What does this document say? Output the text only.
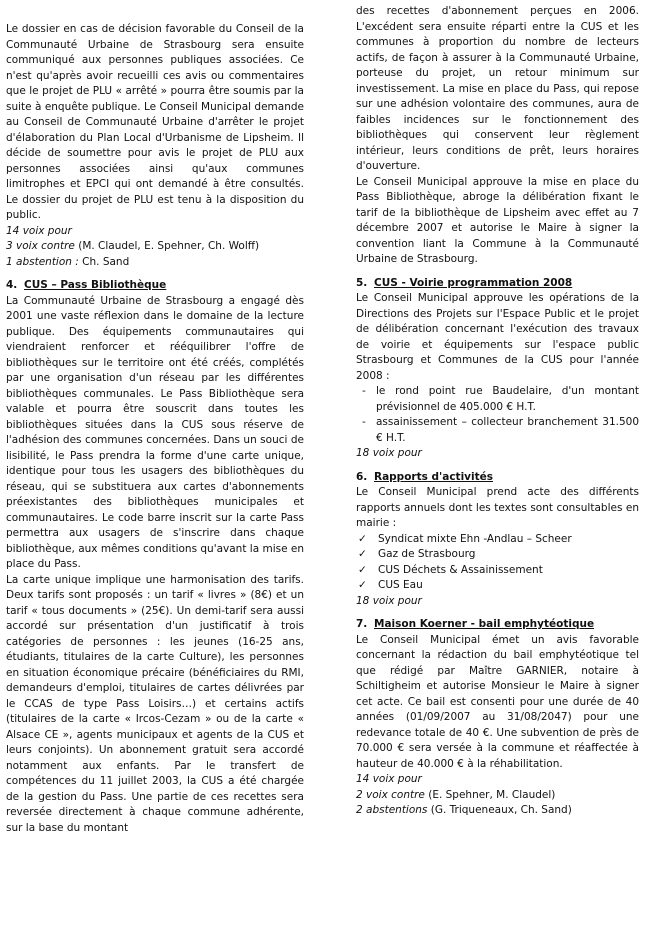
Le dossier en cas de décision favorable du Conseil de la Communauté Urbaine de Strasbourg sera ensuite communiqué aux personnes publiques associées. Ce n'est qu'après avoir recueilli ces avis ou commentaires que le projet de PLU « arrêté » pourra être soumis par la suite à enquête publique. Le Conseil Municipal demande au Conseil de Communauté Urbaine d'arrêter le projet d'élaboration du Plan Local d'Urbanisme de Lipsheim. Il décide de soumettre pour avis le projet de PLU aux personnes associées ainsi qu'aux communes limitrophes et EPCI qui ont demandé à être consultés. Le dossier du projet de PLU est tenu à la disposition du public.

14 voix pour

3 voix contre (M. Claudel, E. Spehner, Ch. Wolff)

1 abstention : Ch. Sand

4. CUS – Pass Bibliothèque

La Communauté Urbaine de Strasbourg a engagé dès 2001 une vaste réflexion dans le domaine de la lecture publique. Des équipements communautaires qui viendraient renforcer et rééquilibrer l'offre de bibliothèques sur le territoire ont été créés, complétés par une organisation d'un réseau par les différentes bibliothèques communales. Le Pass Bibliothèque sera valable et pourra être souscrit dans toutes les bibliothèques situées dans la CUS sous réserve de l'adhésion des communes concernées. Dans un souci de lisibilité, le Pass prendra la forme d'une carte unique, identique pour tous les usagers des bibliothèques du réseau, qui se substituera aux cartes d'abonnements préexistantes des bibliothèques municipales et communautaires. Le code barre inscrit sur la carte Pass permettra aux usagers de s'inscrire dans chaque bibliothèque, aux mêmes conditions qu'avant la mise en place du Pass.

La carte unique implique une harmonisation des tarifs. Deux tarifs sont proposés : un tarif « livres » (8€) et un tarif « tous documents » (25€). Un demi-tarif sera aussi accordé sur présentation d'un justificatif à trois catégories de personnes : les jeunes (16-25 ans, étudiants, titulaires de la carte Culture), les personnes en situation économique précaire (bénéficiaires du RMI, demandeurs d'emploi, titulaires de cartes délivrées par le CCAS de type Pass Loisirs…) et certains actifs (titulaires de la carte « Ircos-Cezam » ou de la carte « Alsace CE », agents municipaux et agents de la CUS et leurs conjoints). Un abonnement gratuit sera accordé notamment aux enfants. Par le transfert de compétences du 11 juillet 2003, la CUS a été chargée de la gestion du Pass. Une partie de ces recettes sera reversée directement à chaque commune adhérente, sur la base du montant

des recettes d'abonnement perçues en 2006. L'excédent sera ensuite réparti entre la CUS et les communes à proportion du nombre de lecteurs actifs, de façon à assurer à la Communauté Urbaine, porteuse du projet, un retour minimum sur investissement. La mise en place du Pass, qui repose sur une adhésion volontaire des communes, aura de faibles incidences sur le fonctionnement des bibliothèques qui conservent leur règlement intérieur, leurs conditions de prêt, leurs horaires d'ouverture.

Le Conseil Municipal approuve la mise en place du Pass Bibliothèque, abroge la délibération fixant le tarif de la bibliothèque de Lipsheim avec effet au 7 décembre 2007 et autorise le Maire à signer la convention liant la Commune à la Communauté Urbaine de Strasbourg.

5. CUS - Voirie programmation 2008

Le Conseil Municipal approuve les opérations de la Directions des Projets sur l'Espace Public et le projet de délibération concernant l'exécution des travaux de voirie et équipements sur l'espace public Strasbourg et Communes de la CUS pour l'année 2008 :

- le rond point rue Baudelaire, d'un montant prévisionnel de 405.000 € H.T.
- assainissement – collecteur branchement 31.500 € H.T.

18 voix pour

6. Rapports d'activités

Le Conseil Municipal prend acte des différents rapports annuels dont les textes sont consultables en mairie :

✓ Syndicat mixte Ehn -Andlau – Scheer
✓ Gaz de Strasbourg
✓ CUS Déchets & Assainissement
✓ CUS Eau

18 voix pour

7. Maison Koerner - bail emphytéotique

Le Conseil Municipal émet un avis favorable concernant la rédaction du bail emphytéotique tel que rédigé par Maître GARNIER, notaire à Schiltigheim et autorise Monsieur le Maire à signer cet acte. Ce bail est consenti pour une durée de 40 années (01/09/2007 au 31/08/2047) pour une redevance totale de 40 €. Une subvention de près de 70.000 € sera versée à la commune et réaffectée à hauteur de 40.000 € à la réhabilitation.

14 voix pour

2 voix contre (E. Spehner, M. Claudel)

2 abstentions (G. Triqueneaux, Ch. Sand)
